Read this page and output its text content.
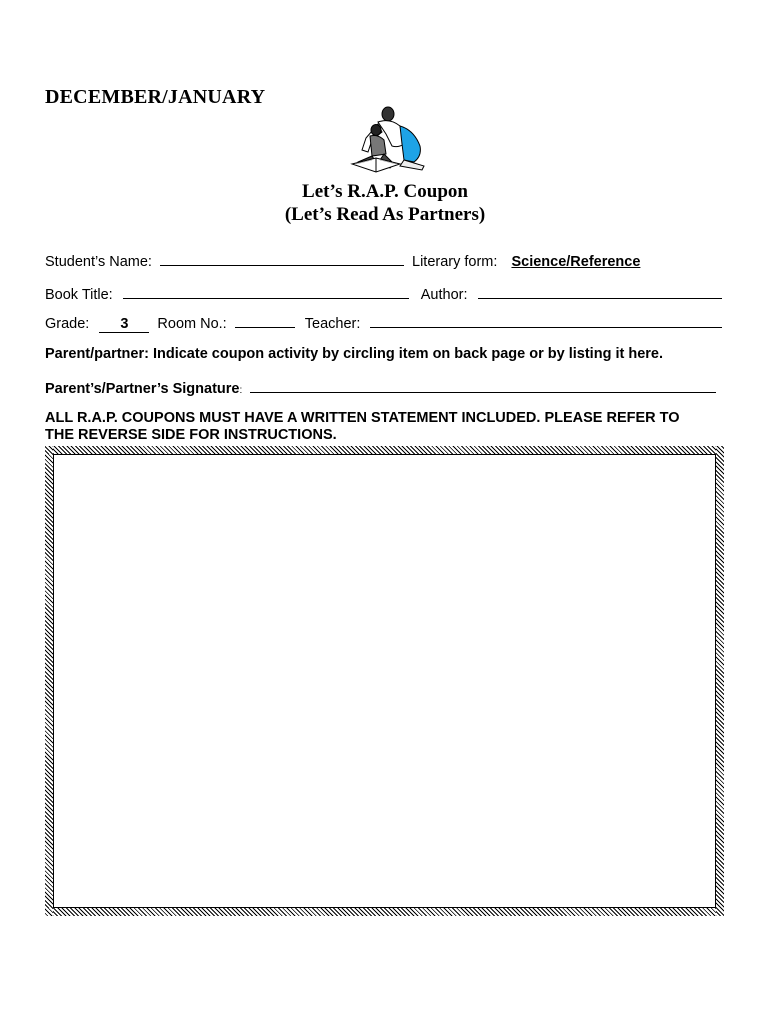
DECEMBER/JANUARY
Let’s R.A.P. Coupon
(Let’s Read As Partners)
Student’s Name:	Literary form: Science/Reference
Book Title:	Author:
Grade: 3 Room No.:	Teacher:
Parent/partner: Indicate coupon activity by circling item on back page or by listing it here.
Parent’s/Partner’s Signature:
ALL R.A.P. COUPONS MUST HAVE A WRITTEN STATEMENT INCLUDED. PLEASE REFER TO
THE REVERSE SIDE FOR INSTRUCTIONS.
